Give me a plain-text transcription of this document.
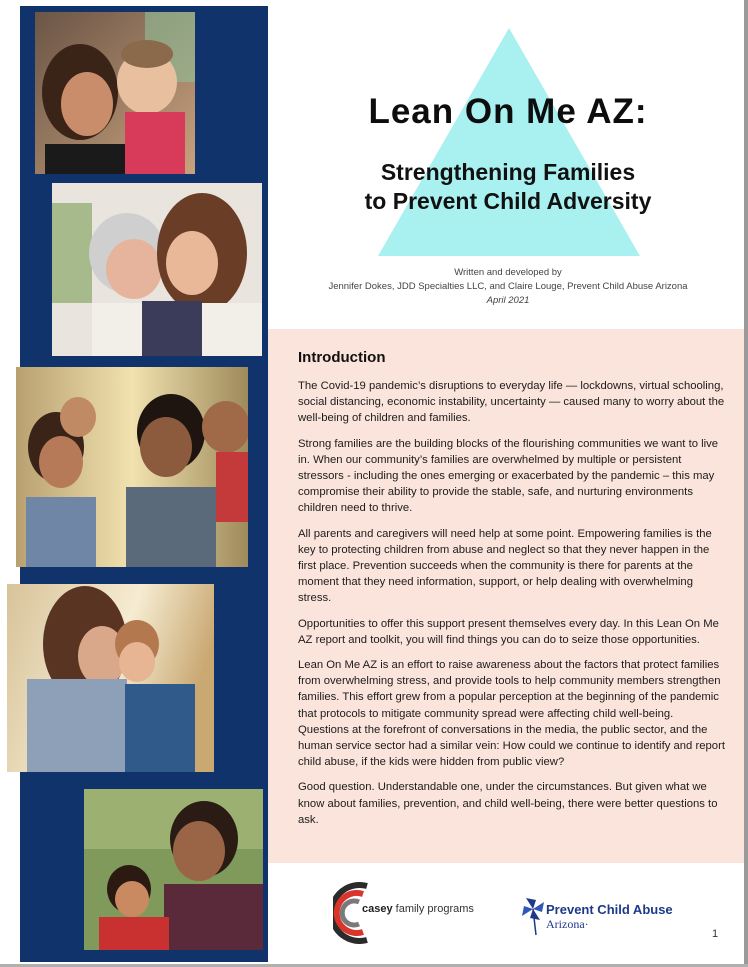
Lean On Me AZ:
Strengthening Families
to Prevent Child Adversity
Written and developed by
Jennifer Dokes, JDD Specialties LLC, and Claire Louge, Prevent Child Abuse Arizona
April 2021
Introduction

The Covid-19 pandemic’s disruptions to everyday life — lockdowns, virtual schooling, social distancing, economic instability, uncertainty — caused many to worry about the well-being of children and families.

Strong families are the building blocks of the flourishing communities we want to live in. When our community’s families are overwhelmed by multiple or persistent stressors - including the ones emerging or exacerbated by the pandemic – this may compromise their ability to provide the stable, safe, and nurturing environments children need to thrive.

All parents and caregivers will need help at some point. Empowering families is the key to protecting children from abuse and neglect so that they never happen in the first place. Prevention succeeds when the community is there for parents at the moment that they need information, support, or help dealing with overwhelming stress.

Opportunities to offer this support present themselves every day. In this Lean On Me AZ report and toolkit, you will find things you can do to seize those opportunities.

Lean On Me AZ is an effort to raise awareness about the factors that protect families from overwhelming stress, and provide tools to help community members strengthen families. This effort grew from a popular perception at the beginning of the pandemic that protocols to mitigate community spread were affecting child well-being. Questions at the forefront of conversations in the media, the public sector, and the human service sector had a similar vein: How could we continue to identify and report child abuse, if the kids were hidden from public view?

Good question. Understandable one, under the circumstances. But given what we know about families, prevention, and child well-being, there were better questions to ask.

casey family programs	Prevent Child Abuse
Arizona·
1
